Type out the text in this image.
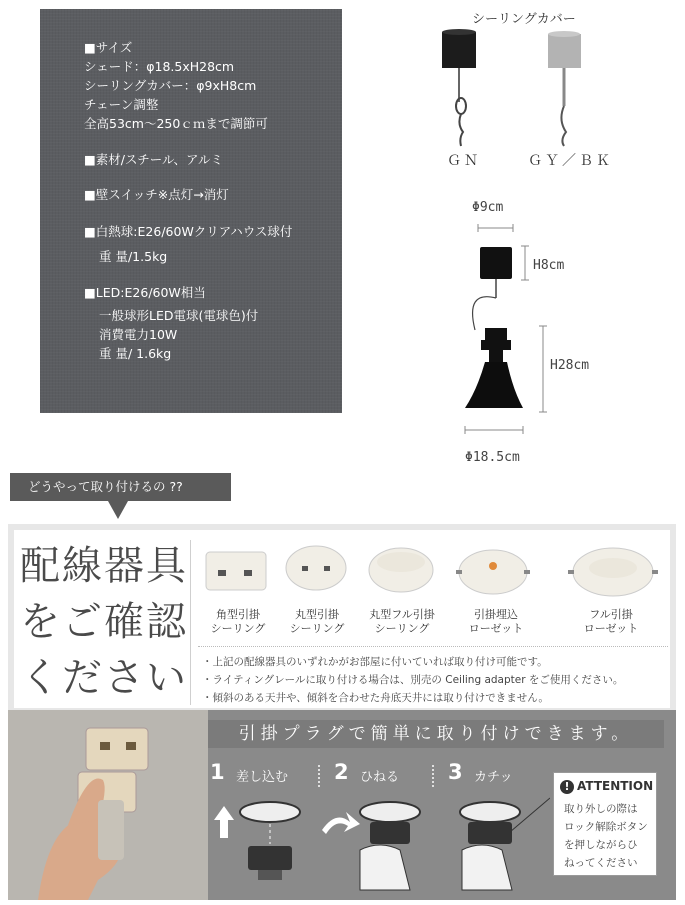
■サイズ
シェード：φ18.5xH28cm
シーリングカバー：φ9xH8cm
チェーン調整
全高53cm～250ｃｍまで調節可
■素材/スチール、アルミ
■壁スイッチ※点灯→消灯
■白熱球:E26/60Wクリアハウス球付
重 量/1.5kg
■LED:E26/60W相当
一般球形LED電球(電球色)付
消費電力10W
重 量/ 1.6kg
シーリングカバー
ＧＮ	ＧＹ／ＢＫ
Φ9cm
H8cm
H28cm
Φ18.5cm
どうやって取り付けるの ??
配線器具
をご確認
ください
角型引掛
シーリング
丸型引掛
シーリング
丸型フル引掛
シーリング
引掛埋込
ローゼット
フル引掛
ローゼット
・上記の配線器具のいずれかがお部屋に付いていれば取り付け可能です。
・ライティングレールに取り付ける場合は、別売の Ceiling adapter をご使用ください。
・傾斜のある天井や、傾斜を合わせた舟底天井には取り付けできません。
引掛プラグで簡単に取り付けできます。
1 差し込む 2 ひねる 3 カチッ
! ATTENTION
取り外しの際は
ロック解除ボタン
を押しながらひ
ねってください
